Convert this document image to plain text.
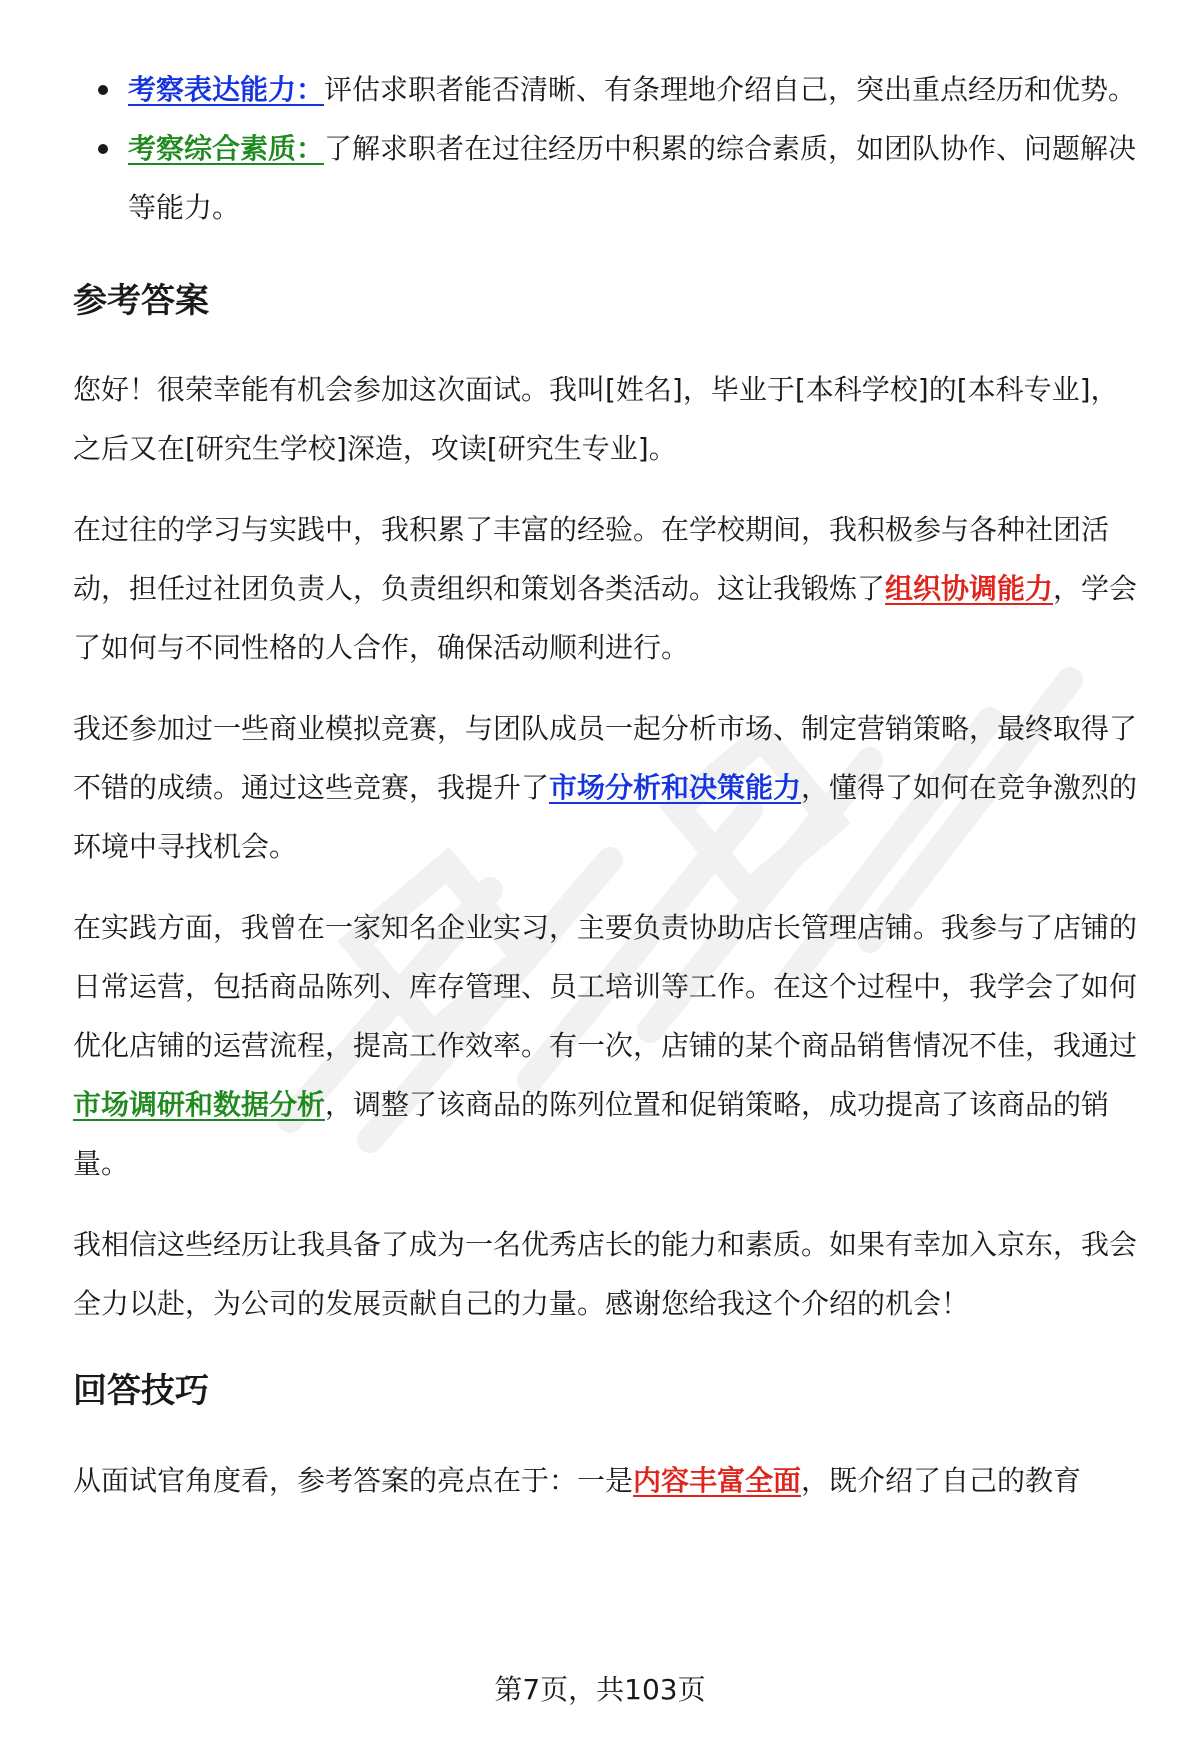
考察表达能力：评估求职者能否清晰、有条理地介绍自己，突出重点经历和优势。
考察综合素质：了解求职者在过往经历中积累的综合素质，如团队协作、问题解决等能力。
参考答案

您好！很荣幸能有机会参加这次面试。我叫[姓名]，毕业于[本科学校]的[本科专业]，之后又在[研究生学校]深造，攻读[研究生专业]。

在过往的学习与实践中，我积累了丰富的经验。在学校期间，我积极参与各种社团活动，担任过社团负责人，负责组织和策划各类活动。这让我锻炼了组织协调能力，学会了如何与不同性格的人合作，确保活动顺利进行。

我还参加过一些商业模拟竞赛，与团队成员一起分析市场、制定营销策略，最终取得了不错的成绩。通过这些竞赛，我提升了市场分析和决策能力，懂得了如何在竞争激烈的环境中寻找机会。

在实践方面，我曾在一家知名企业实习，主要负责协助店长管理店铺。我参与了店铺的日常运营，包括商品陈列、库存管理、员工培训等工作。在这个过程中，我学会了如何优化店铺的运营流程，提高工作效率。有一次，店铺的某个商品销售情况不佳，我通过市场调研和数据分析，调整了该商品的陈列位置和促销策略，成功提高了该商品的销量。

我相信这些经历让我具备了成为一名优秀店长的能力和素质。如果有幸加入京东，我会全力以赴，为公司的发展贡献自己的力量。感谢您给我这个介绍的机会！

回答技巧

从面试官角度看，参考答案的亮点在于：一是内容丰富全面，既介绍了自己的教育

第7页，共103页
